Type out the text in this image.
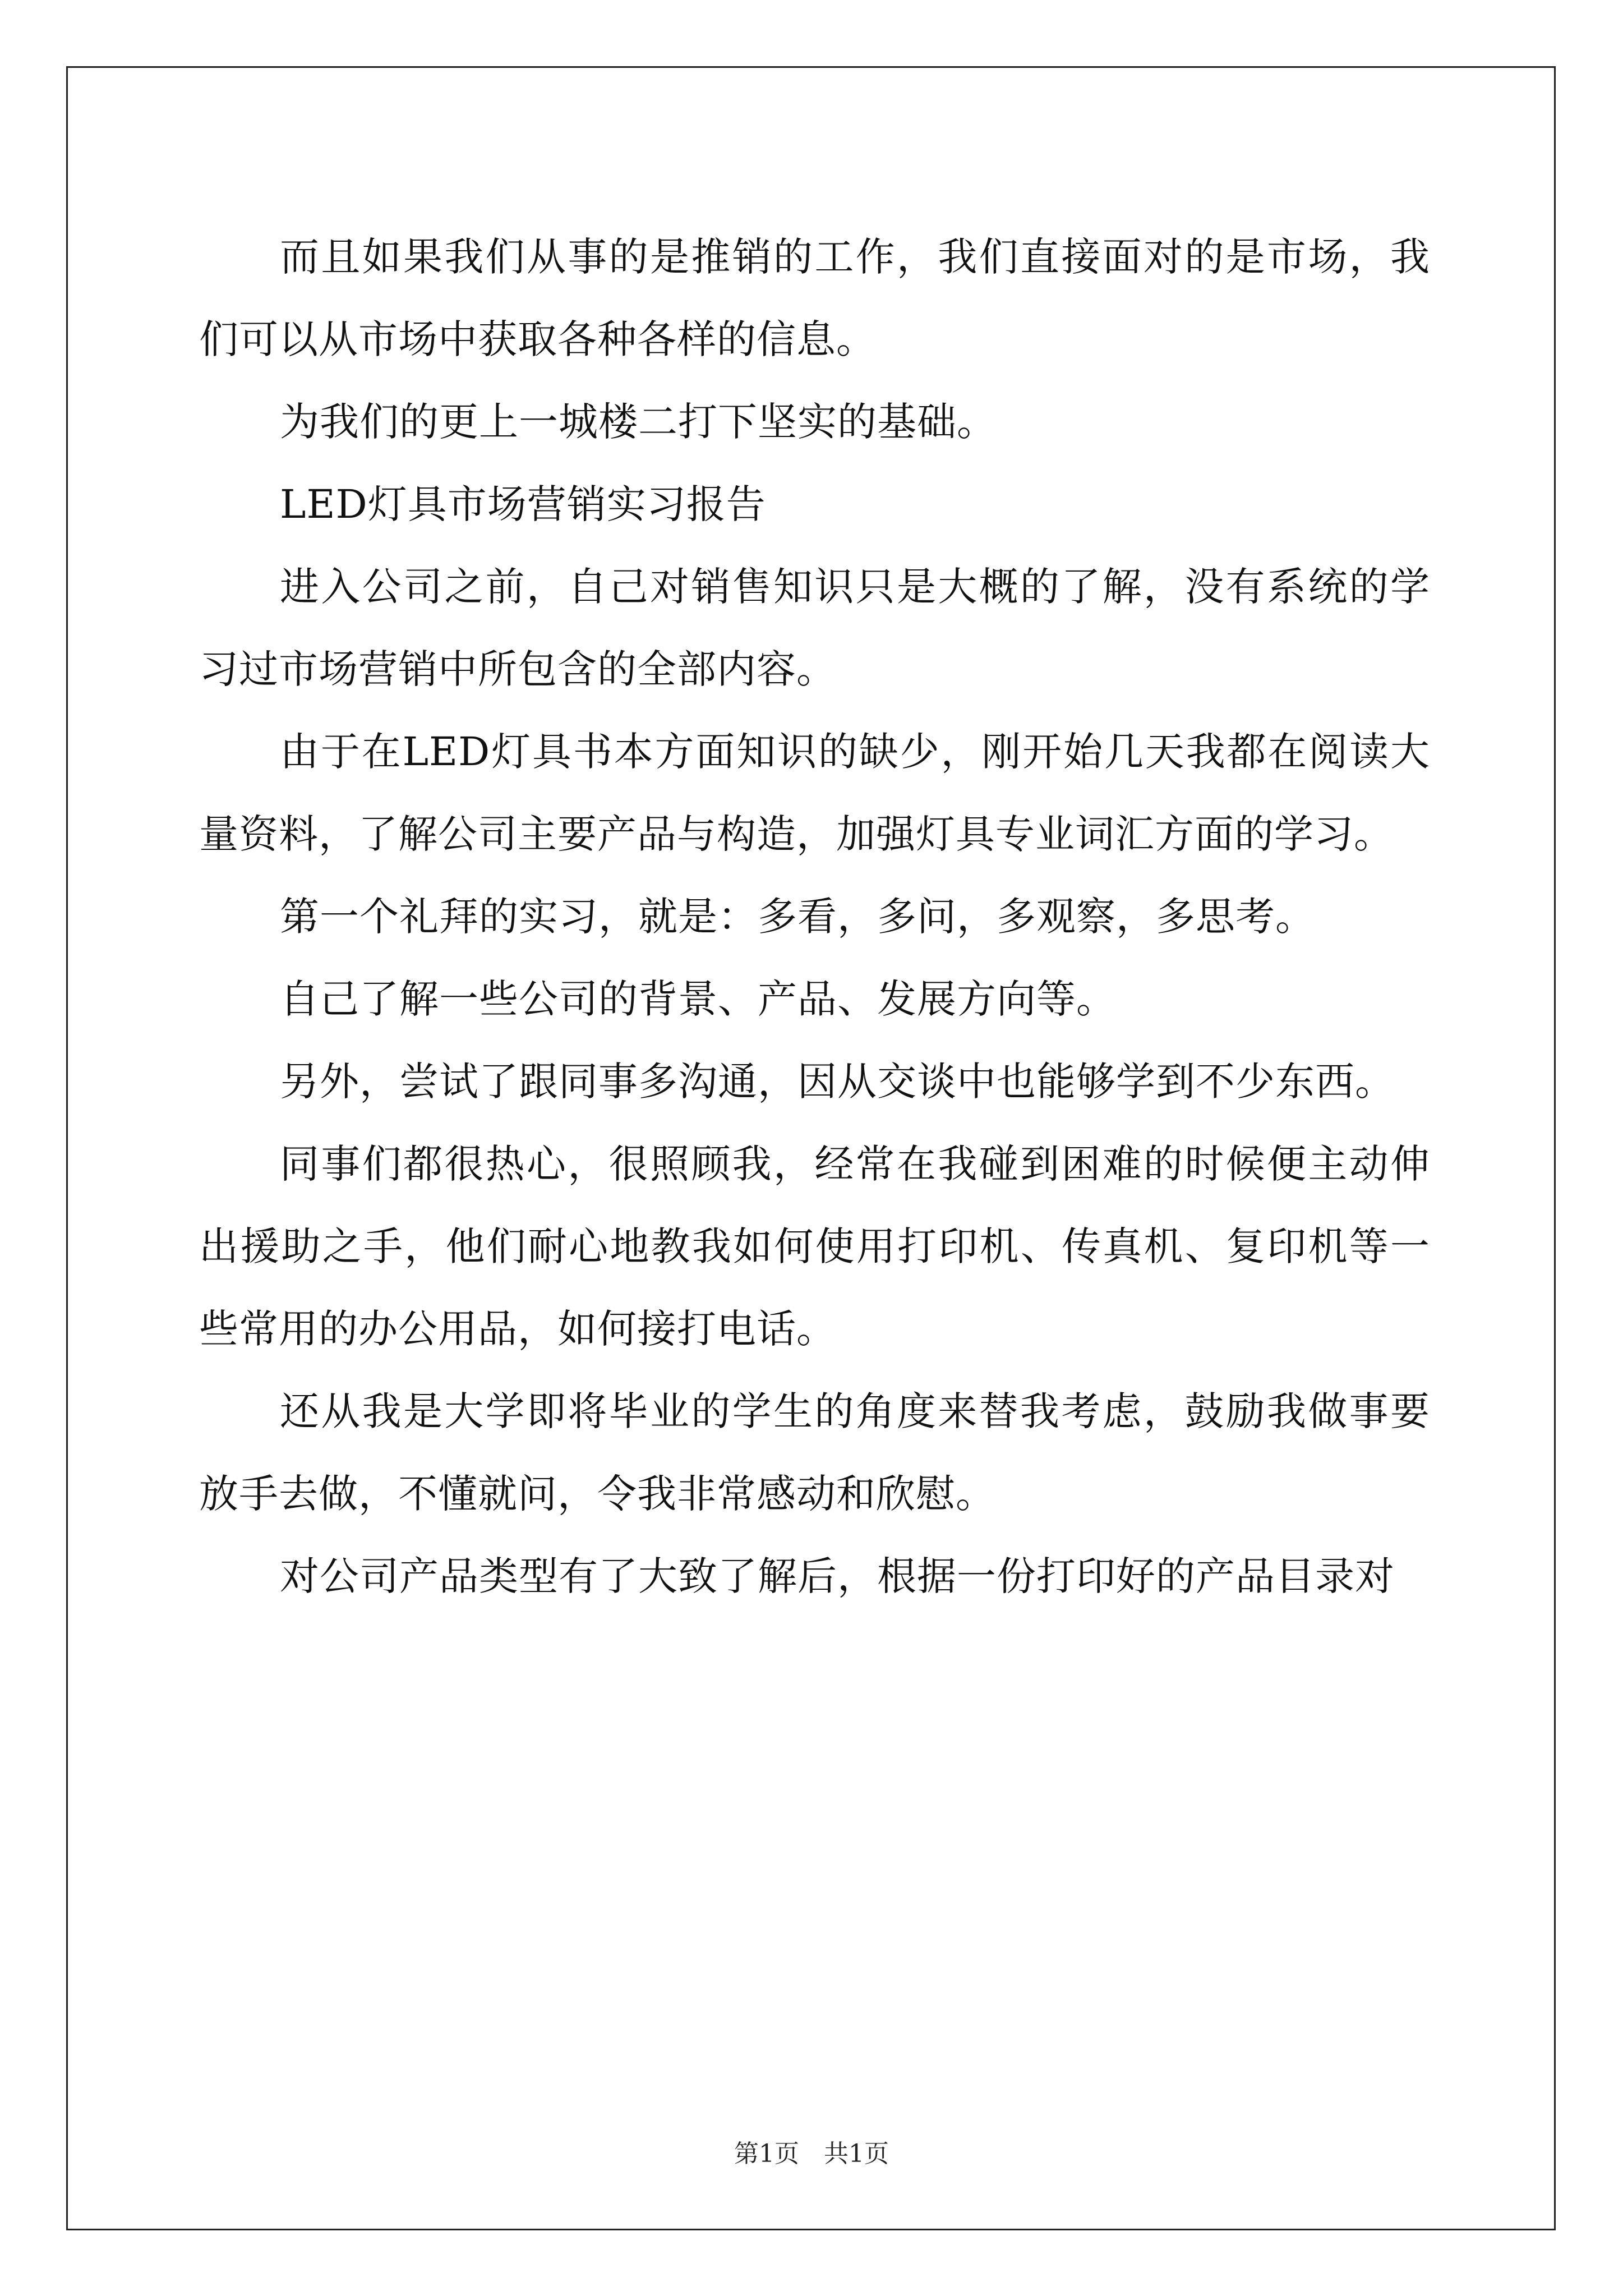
而且如果我们从事的是推销的工作，我们直接面对的是市场，我们可以从市场中获取各种各样的信息。

为我们的更上一城楼二打下坚实的基础。

LED灯具市场营销实习报告

进入公司之前，自己对销售知识只是大概的了解，没有系统的学习过市场营销中所包含的全部内容。

由于在LED灯具书本方面知识的缺少，刚开始几天我都在阅读大量资料，了解公司主要产品与构造，加强灯具专业词汇方面的学习。

第一个礼拜的实习，就是：多看，多问，多观察，多思考。

自己了解一些公司的背景、产品、发展方向等。

另外，尝试了跟同事多沟通，因从交谈中也能够学到不少东西。

同事们都很热心，很照顾我，经常在我碰到困难的时候便主动伸出援助之手，他们耐心地教我如何使用打印机、传真机、复印机等一些常用的办公用品，如何接打电话。

还从我是大学即将毕业的学生的角度来替我考虑，鼓励我做事要放手去做，不懂就问，令我非常感动和欣慰。

对公司产品类型有了大致了解后，根据一份打印好的产品目录对

第1页　共1页
